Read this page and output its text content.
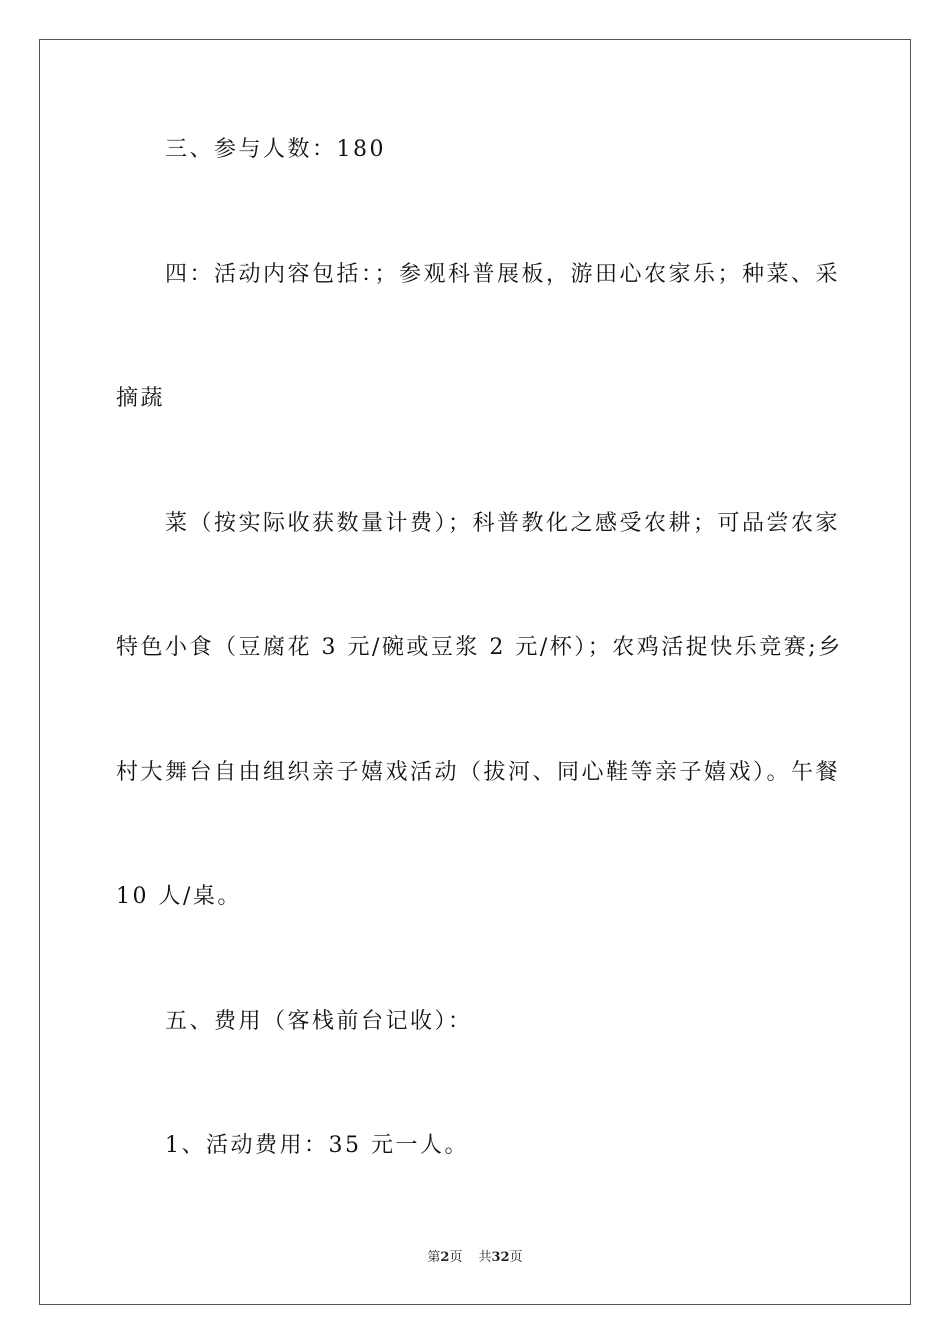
三、参与人数：180
四：活动内容包括：；参观科普展板，游田心农家乐；种菜、采
摘蔬
菜（按实际收获数量计费）；科普教化之感受农耕；可品尝农家
特色小食（豆腐花 3 元/碗或豆浆 2 元/杯）；农鸡活捉快乐竞赛;乡
村大舞台自由组织亲子嬉戏活动（拔河、同心鞋等亲子嬉戏）。午餐
10 人/桌。
五、费用（客栈前台记收）：
1、活动费用：35 元一人。
第2页 共32页
